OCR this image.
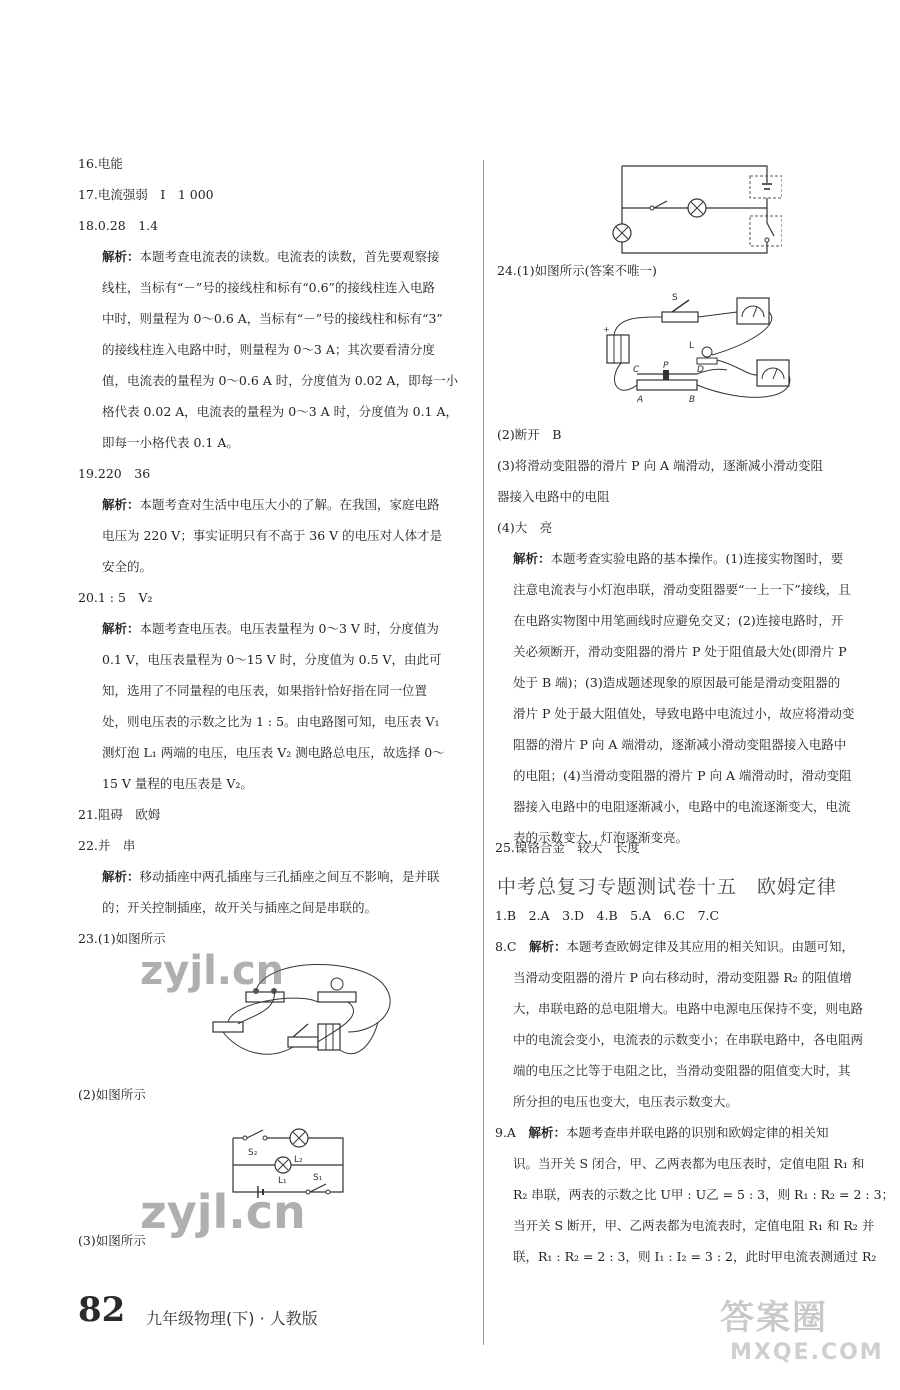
16.电能
17.电流强弱　I　1 000
18.0.28　1.4
解析：本题考查电流表的读数。电流表的读数，首先要观察接
线柱，当标有“－”号的接线柱和标有“0.6”的接线柱连入电路
中时，则量程为 0～0.6 A，当标有“－”号的接线柱和标有“3”
的接线柱连入电路中时，则量程为 0～3 A；其次要看清分度
值，电流表的量程为 0～0.6 A 时，分度值为 0.02 A，即每一小
格代表 0.02 A，电流表的量程为 0～3 A 时，分度值为 0.1 A，
即每一小格代表 0.1 A。
19.220　36
解析：本题考查对生活中电压大小的了解。在我国，家庭电路
电压为 220 V；事实证明只有不高于 36 V 的电压对人体才是
安全的。
20.1 : 5　V₂
解析：本题考查电压表。电压表量程为 0～3 V 时，分度值为
0.1 V，电压表量程为 0～15 V 时，分度值为 0.5 V，由此可
知，选用了不同量程的电压表，如果指针恰好指在同一位置
处，则电压表的示数之比为 1 : 5。由电路图可知，电压表 V₁
测灯泡 L₁ 两端的电压，电压表 V₂ 测电路总电压，故选择 0～
15 V 量程的电压表是 V₂。
21.阻碍　欧姆
22.并　串
解析：移动插座中两孔插座与三孔插座之间互不影响，是并联
的；开关控制插座，故开关与插座之间是串联的。
23.(1)如图所示
(2)如图所示
S₂
L₂
L₁	S₁
(3)如图所示
24.(1)如图所示(答案不唯一)
+
S
L
C	P	D
A	B
(2)断开　B
(3)将滑动变阻器的滑片 P 向 A 端滑动，逐渐减小滑动变阻
器接入电路中的电阻
(4)大　亮
解析：本题考查实验电路的基本操作。(1)连接实物图时，要
注意电流表与小灯泡串联，滑动变阻器要“一上一下”接线，且
在电路实物图中用笔画线时应避免交叉；(2)连接电路时，开
关必须断开，滑动变阻器的滑片 P 处于阻值最大处(即滑片 P
处于 B 端)；(3)造成题述现象的原因最可能是滑动变阻器的
滑片 P 处于最大阻值处，导致电路中电流过小，故应将滑动变
阻器的滑片 P 向 A 端滑动，逐渐减小滑动变阻器接入电路中
的电阻；(4)当滑动变阻器的滑片 P 向 A 端滑动时，滑动变阻
器接入电路中的电阻逐渐减小，电路中的电流逐渐变大，电流
表的示数变大，灯泡逐渐变亮。
25.镍铬合金　较大　长度
中考总复习专题测试卷十五　欧姆定律
1.B　2.A　3.D　4.B　5.A　6.C　7.C
8.C　解析：本题考查欧姆定律及其应用的相关知识。由题可知，
当滑动变阻器的滑片 P 向右移动时，滑动变阻器 R₂ 的阻值增
大，串联电路的总电阻增大。电路中电源电压保持不变，则电路
中的电流会变小，电流表的示数变小；在串联电路中，各电阻两
端的电压之比等于电阻之比，当滑动变阻器的阻值变大时，其
所分担的电压也变大，电压表示数变大。
9.A　解析：本题考查串并联电路的识别和欧姆定律的相关知
识。当开关 S 闭合，甲、乙两表都为电压表时，定值电阻 R₁ 和
R₂ 串联，两表的示数之比 U甲 : U乙 = 5 : 3，则 R₁ : R₂ = 2 : 3；
当开关 S 断开，甲、乙两表都为电流表时，定值电阻 R₁ 和 R₂ 并
联，R₁ : R₂ = 2 : 3，则 I₁ : I₂ = 3 : 2，此时甲电流表测通过 R₂
zyjl.cn
zyjl.cn
答案圈
MXQE.COM
82 九年级物理(下) · 人教版
